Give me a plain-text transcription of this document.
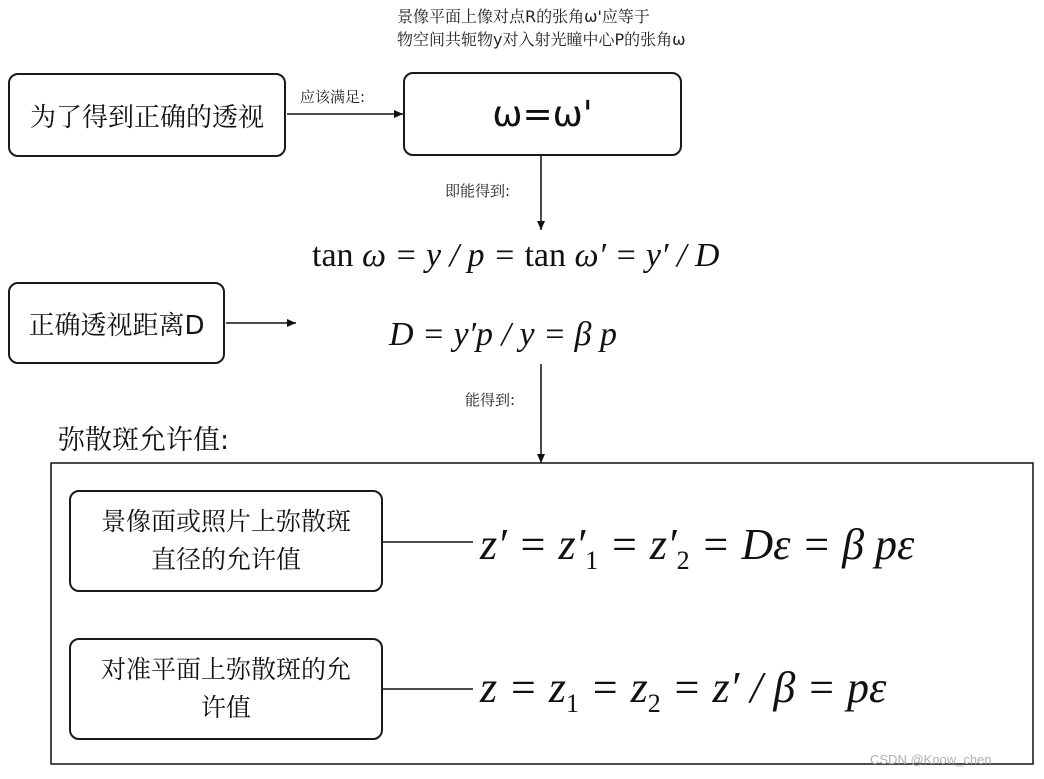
景像平面上像对点R的张角ω'应等于
物空间共轭物y对入射光瞳中心P的张角ω
为了得到正确的透视
应该满足:	ω=ω'
即能得到:
tan ω = y / p = tan ω′ = y′ / D
正确透视距离D	D = y′p / y = β p
能得到:
弥散斑允许值:
景像面或照片上弥散斑
直径的允许值	$z' = z'_1 = z'_2 = D\varepsilon = \beta$ pε
对准平面上弥散斑的允
许值	$z = z_1 = z_2 = z' / \beta = p\varepsilon$
CSDN @Know_chen
